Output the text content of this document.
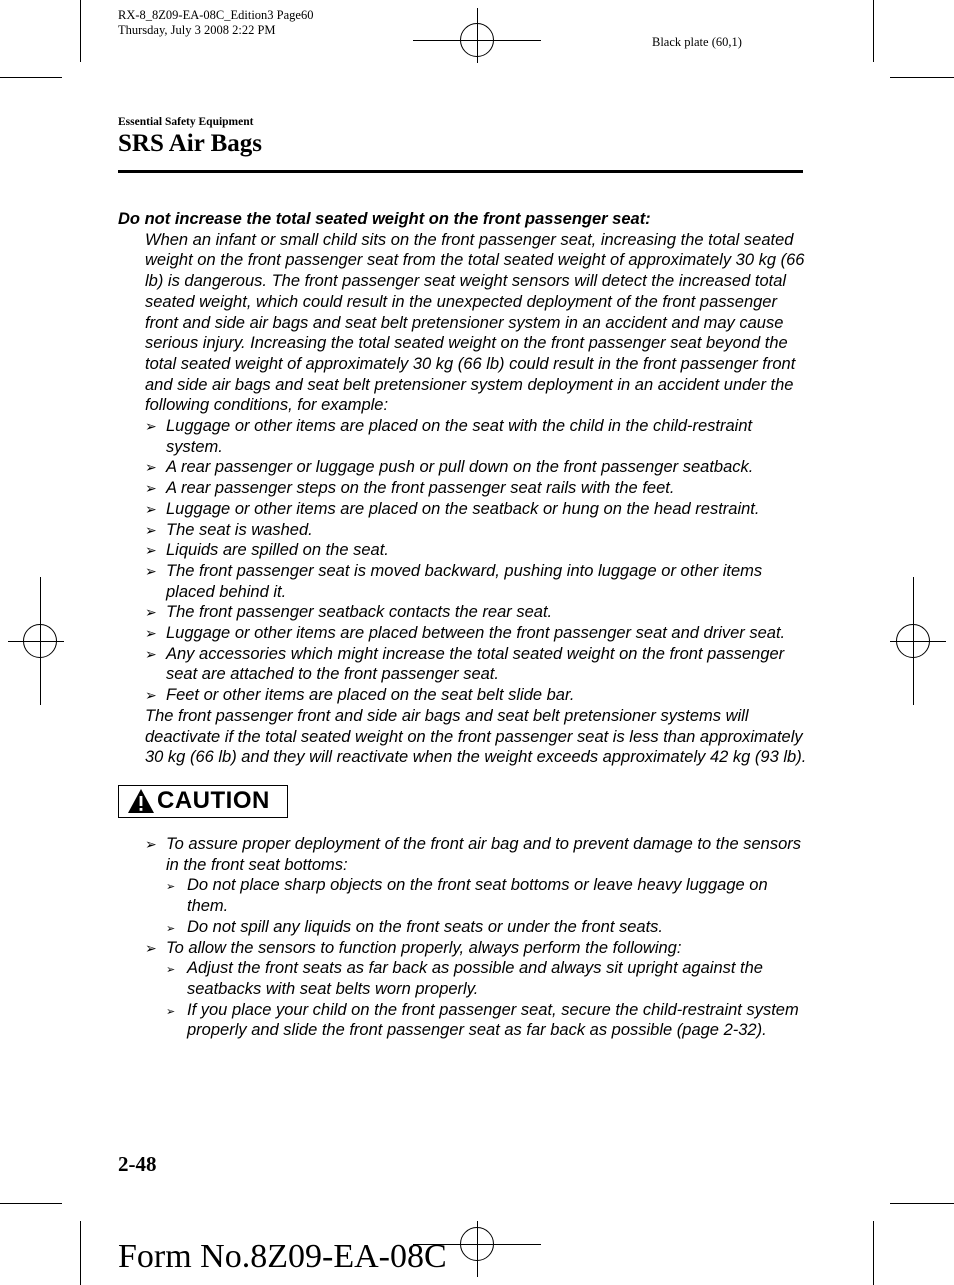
RX-8_8Z09-EA-08C_Edition3 Page60
Thursday, July 3 2008 2:22 PM
Black plate (60,1)
Essential Safety Equipment
SRS Air Bags

Do not increase the total seated weight on the front passenger seat:

When an infant or small child sits on the front passenger seat, increasing the total seated weight on the front passenger seat from the total seated weight of approximately 30 kg (66 lb) is dangerous. The front passenger seat weight sensors will detect the increased total seated weight, which could result in the unexpected deployment of the front passenger front and side air bags and seat belt pretensioner system in an accident and may cause serious injury. Increasing the total seated weight on the front passenger seat beyond the total seated weight of approximately 30 kg (66 lb) could result in the front passenger front and side air bags and seat belt pretensioner system deployment in an accident under the following conditions, for example:

➢ Luggage or other items are placed on the seat with the child in the child-restraint system.
➢ A rear passenger or luggage push or pull down on the front passenger seatback.
➢ A rear passenger steps on the front passenger seat rails with the feet.
➢ Luggage or other items are placed on the seatback or hung on the head restraint.
➢ The seat is washed.
➢ Liquids are spilled on the seat.
➢ The front passenger seat is moved backward, pushing into luggage or other items placed behind it.
➢ The front passenger seatback contacts the rear seat.
➢ Luggage or other items are placed between the front passenger seat and driver seat.
➢ Any accessories which might increase the total seated weight on the front passenger seat are attached to the front passenger seat.
➢ Feet or other items are placed on the seat belt slide bar.

The front passenger front and side air bags and seat belt pretensioner systems will deactivate if the total seated weight on the front passenger seat is less than approximately 30 kg (66 lb) and they will reactivate when the weight exceeds approximately 42 kg (93 lb).

CAUTION
➢ To assure proper deployment of the front air bag and to prevent damage to the sensors in the front seat bottoms:
➢ Do not place sharp objects on the front seat bottoms or leave heavy luggage on them.
➢ Do not spill any liquids on the front seats or under the front seats.
➢ To allow the sensors to function properly, always perform the following:
➢ Adjust the front seats as far back as possible and always sit upright against the seatbacks with seat belts worn properly.
➢ If you place your child on the front passenger seat, secure the child-restraint system properly and slide the front passenger seat as far back as possible (page 2-32).
2-48
Form No.8Z09-EA-08C
